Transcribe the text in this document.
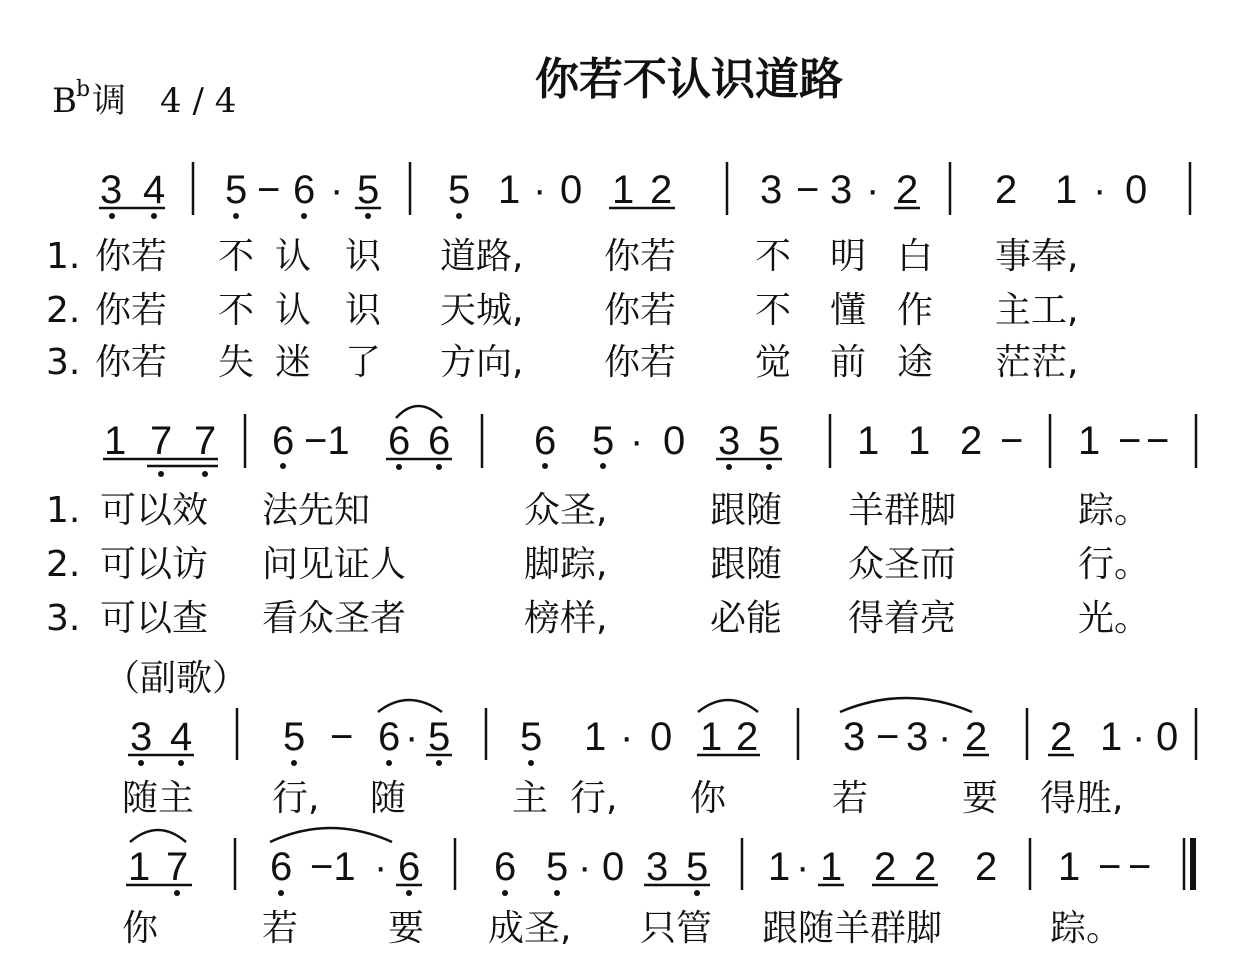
B b 调 4 / 4	你若不认识道路
3 4 5 − 6 · 5 5 1 · 0 1 2 3 − 3 · 2 2 1 · 0
1. 你若 不 认 识 道路, 你若 不 明 白 事奉,
2. 你若 不 认 识 天城, 你若 不 懂 作 主工,
3. 你若 失 迷 了 方向, 你若 觉 前 途 茫茫,
1 7 7 6 −1 6 6 6 5 · 0 3 5 1 1 2 − 1 − −
1. 可以效 法先知	众圣,	跟随 羊群脚	踪。
2. 可以访 问见证人	脚踪,	跟随 众圣而	行。
3. 可以查 看众圣者	榜样,	必能 得着亮	光。
（副歌）
3 4 5 − 6 · 5 5 1 · 0 1 2 3 − 3 · 2 2 1 · 0
随主 行, 随	主 行, 你	若	要 得胜,
1 7 6 −1 · 6 6 5 · 0 3 5 1 · 1 2 2 2 1 − −
你	若 要 成圣, 只管 跟随羊群脚	踪。
